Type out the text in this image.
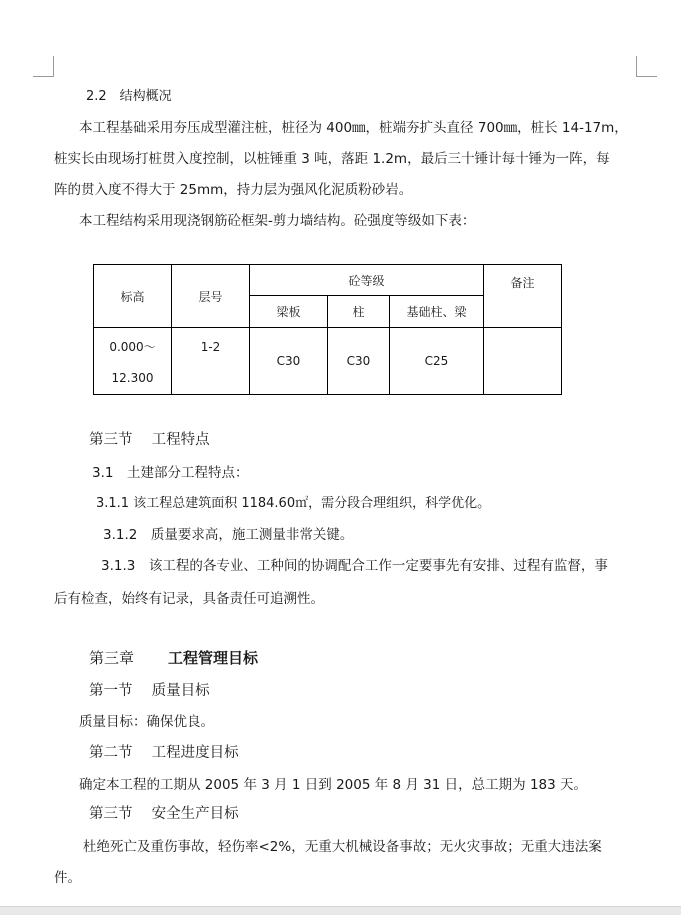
2.2　结构概况
本工程基础采用夯压成型灌注桩，桩径为 400㎜，桩端夯扩头直径 700㎜，桩长 14-17m，
桩实长由现场打桩贯入度控制，以桩锤重 3 吨，落距 1.2m，最后三十锤计每十锤为一阵，每
阵的贯入度不得大于 25mm，持力层为强风化泥质粉砂岩。
本工程结构采用现浇钢筋砼框架-剪力墙结构。砼强度等级如下表：
标高	层号	砼等级			备注
		梁板	柱	基础柱、梁	

0.000～
12.300	1-2	C30	C30	C25	
第三节　 工程特点
3.1　土建部分工程特点：
3.1.1 该工程总建筑面积 1184.60㎡，需分段合理组织，科学优化。
3.1.2　质量要求高，施工测量非常关键。
3.1.3　该工程的各专业、工种间的协调配合工作一定要事先有安排、过程有监督，事
后有检查，始终有记录，具备责任可追溯性。
第三章 工程管理目标
第一节　 质量目标
质量目标：确保优良。
第二节　 工程进度目标
确定本工程的工期从 2005 年 3 月 1 日到 2005 年 8 月 31 日，总工期为 183 天。
第三节　 安全生产目标
杜绝死亡及重伤事故，轻伤率<2%，无重大机械设备事故；无火灾事故；无重大违法案
件。
